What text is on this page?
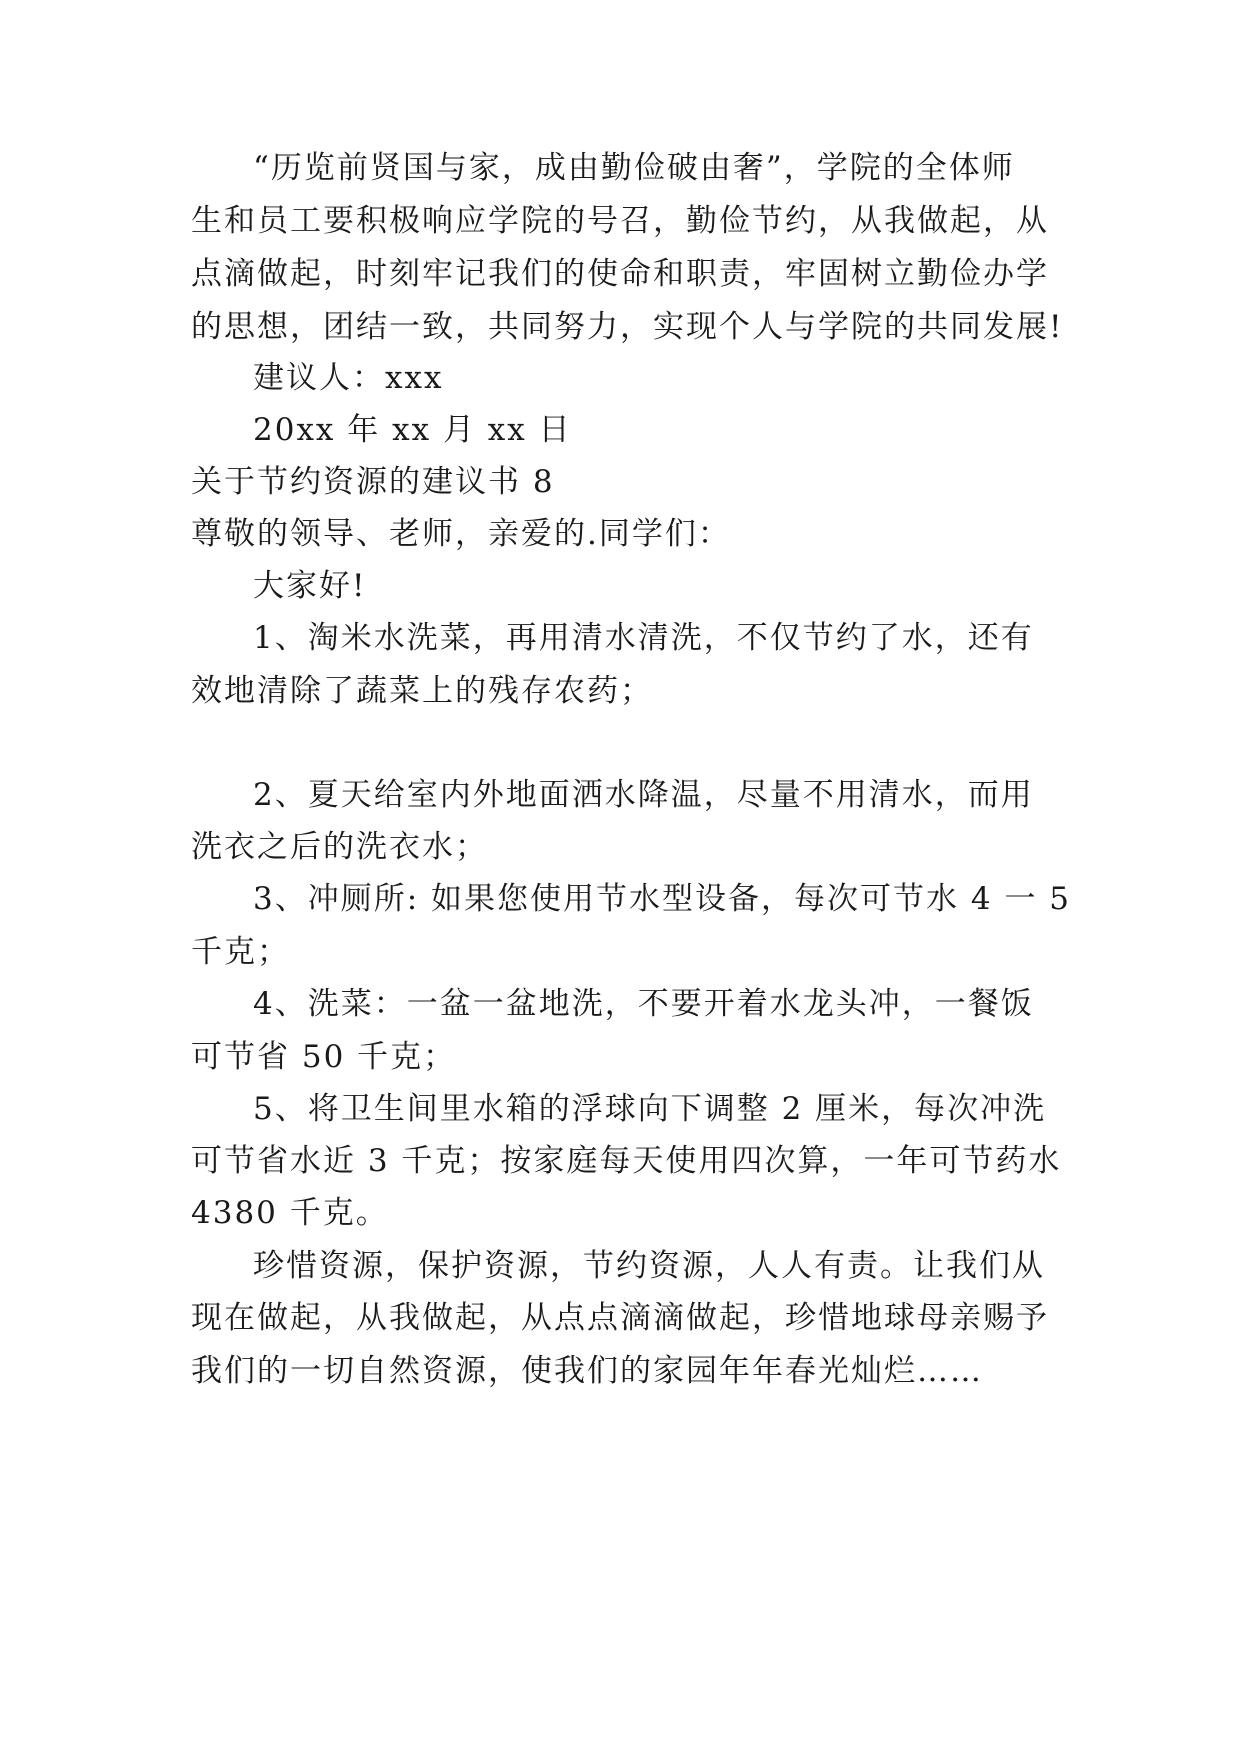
“历览前贤国与家，成由勤俭破由奢”，学院的全体师
生和员工要积极响应学院的号召，勤俭节约，从我做起，从
点滴做起，时刻牢记我们的使命和职责，牢固树立勤俭办学
的思想，团结一致，共同努力，实现个人与学院的共同发展!
建议人：xxx
20xx 年 xx 月 xx 日
关于节约资源的建议书 8
尊敬的领导、老师，亲爱的.同学们：
大家好!
1、淘米水洗菜，再用清水清洗，不仅节约了水，还有
效地清除了蔬菜上的残存农药；
2、夏天给室内外地面洒水降温，尽量不用清水，而用
洗衣之后的洗衣水；
3、冲厕所: 如果您使用节水型设备，每次可节水 4 一 5
千克；
4、洗菜：一盆一盆地洗，不要开着水龙头冲，一餐饭
可节省 50 千克；
5、将卫生间里水箱的浮球向下调整 2 厘米，每次冲洗
可节省水近 3 千克；按家庭每天使用四次算，一年可节药水
4380 千克。
珍惜资源，保护资源，节约资源，人人有责。让我们从
现在做起，从我做起，从点点滴滴做起，珍惜地球母亲赐予
我们的一切自然资源，使我们的家园年年春光灿烂……
